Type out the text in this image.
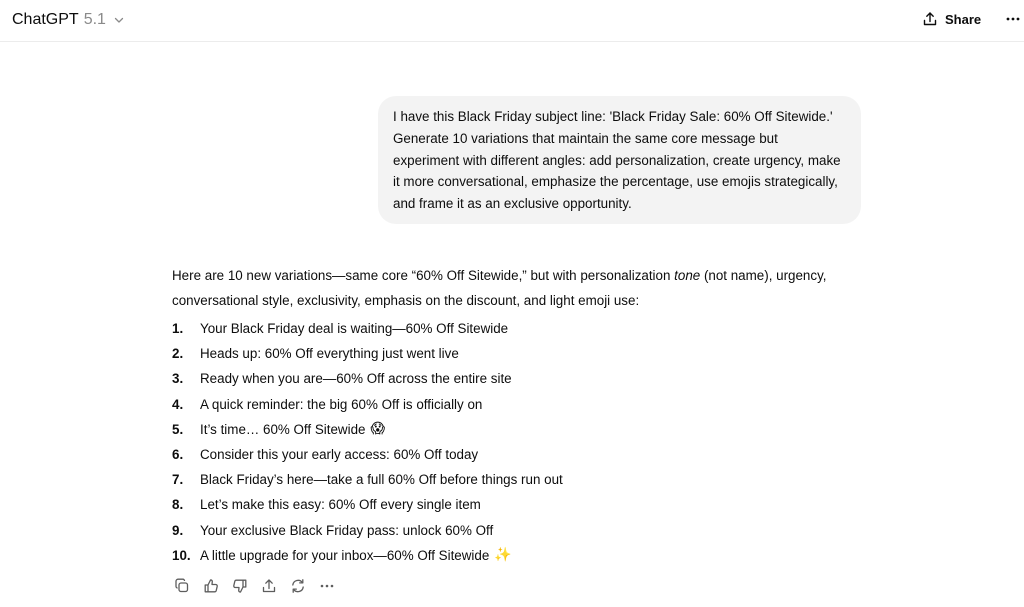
ChatGPT 5.1	Share

I have this Black Friday subject line: 'Black Friday Sale: 60% Off Sitewide.' Generate 10 variations that maintain the same core message but experiment with different angles: add personalization, create urgency, make it more conversational, emphasize the percentage, use emojis strategically, and frame it as an exclusive opportunity.

Here are 10 new variations—same core “60% Off Sitewide,” but with personalization tone (not name), urgency, conversational style, exclusivity, emphasis on the discount, and light emoji use:

1.	Your Black Friday deal is waiting—60% Off Sitewide
2.	Heads up: 60% Off everything just went live
3.	Ready when you are—60% Off across the entire site
4.	A quick reminder: the big 60% Off is officially on
5.	It’s time… 60% Off Sitewide 😱
6.	Consider this your early access: 60% Off today
7.	Black Friday’s here—take a full 60% Off before things run out
8.	Let’s make this easy: 60% Off every single item
9.	Your exclusive Black Friday pass: unlock 60% Off
10. A little upgrade for your inbox—60% Off Sitewide ✨
